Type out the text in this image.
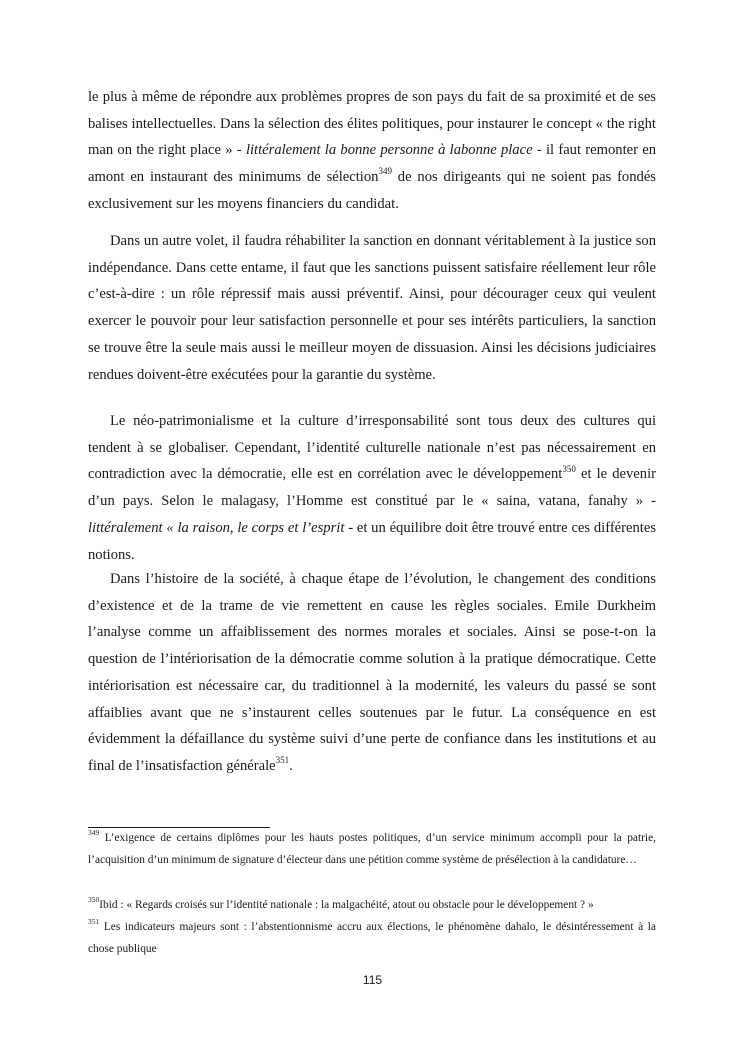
le plus à même de répondre aux problèmes propres de son pays du fait de sa proximité et de ses balises intellectuelles. Dans la sélection des élites politiques, pour instaurer le concept « the right man on the right place » - littéralement la bonne personne à labonne place - il faut remonter en amont en instaurant des minimums de sélection$^{349}$ de nos dirigeants qui ne soient pas fondés exclusivement sur les moyens financiers du candidat.

Dans un autre volet, il faudra réhabiliter la sanction en donnant véritablement à la justice son indépendance. Dans cette entame, il faut que les sanctions puissent satisfaire réellement leur rôle c’est-à-dire : un rôle répressif mais aussi préventif. Ainsi, pour décourager ceux qui veulent exercer le pouvoir pour leur satisfaction personnelle et pour ses intérêts particuliers, la sanction se trouve être la seule mais aussi le meilleur moyen de dissuasion. Ainsi les décisions judiciaires rendues doivent-être exécutées pour la garantie du système.

Le néo-patrimonialisme et la culture d’irresponsabilité sont tous deux des cultures qui tendent à se globaliser. Cependant, l’identité culturelle nationale n’est pas nécessairement en contradiction avec la démocratie, elle est en corrélation avec le développement$^{350}$ et le devenir d’un pays. Selon le malagasy, l’Homme est constitué par le « saina, vatana, fanahy » - littéralement « la raison, le corps et l’esprit - et un équilibre doit être trouvé entre ces différentes notions.

Dans l’histoire de la société, à chaque étape de l’évolution, le changement des conditions d’existence et de la trame de vie remettent en cause les règles sociales. Emile Durkheim l’analyse comme un affaiblissement des normes morales et sociales. Ainsi se pose-t-on la question de l’intériorisation de la démocratie comme solution à la pratique démocratique. Cette intériorisation est nécessaire car, du traditionnel à la modernité, les valeurs du passé se sont affaiblies avant que ne s’instaurent celles soutenues par le futur. La conséquence en est évidemment la défaillance du système suivi d’une perte de confiance dans les institutions et au final de l’insatisfaction générale$^{351}$.

$^{349}$ L’exigence de certains diplômes pour les hauts postes politiques, d’un service minimum accompli pour la patrie, l’acquisition d’un minimum de signature d’électeur dans une pétition comme système de présélection à la candidature…

$^{350}$Ibid : « Regards croisés sur l’identité nationale : la malgachéité, atout ou obstacle pour le développement ? »

$^{351}$ Les indicateurs majeurs sont : l’abstentionnisme accru aux élections, le phénomène dahalo, le désintéressement à la chose publique

115
